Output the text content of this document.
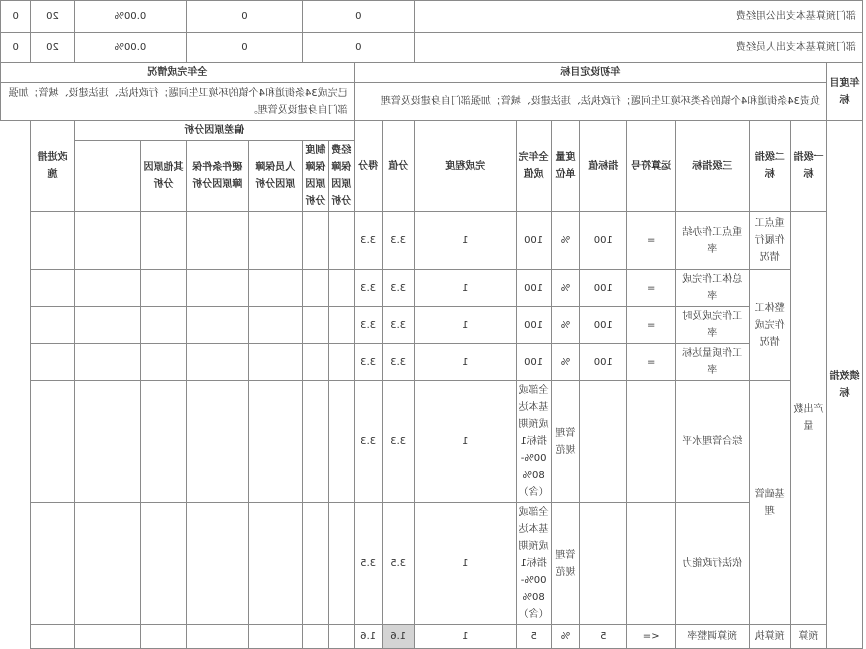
部门预算基本支出公用经费									0				0		0.00%		20	0
部门预算基本支出人员经费									0				0		0.00%		20	0
年度目标	年初设定目标										全年完成情况							
	负责34条街道和4个镇的各类环境卫生问题；行政执法、违法建设、城管；加强部门自身建设及管理										已完成34条街道和4个镇的环境卫生问题；行政执法、违法建设、城管；加强部门自身建设及管理。							
绩效指标	一级指标	二级指标	三级指标	运算符号	指标值	度量单位	全年完成值	完成程度	分值	得分	偏差原因分析						改进措施	
											经费保障原因分析	制度保障原因分析	人员保障原因分析	硬件条件保障原因分析	其他原因分析			
	产出数量	重点工作履行情况	重点工作办结率	=	100	%	100	1	3.3	3.3								
		整体工作完成情况	总体工作完成率	=	100	%	100	1	3.3	3.3								
			工作完成及时率	=	100	%	100	1	3.3	3.3								
			工作质量达标率	=	100	%	100	1	3.3	3.3								
		基础管理	综合管理水平			管理规范	全部或基本达成预期指标100%-80%（含）	1	3.3	3.3								
			依法行政能力			管理规范	全部或基本达成预期指标100%-80%（含）	1	3.5	3.5								
	预算	预算执	预算调整率	<=	5	%	5	1	1.6	1.6								
